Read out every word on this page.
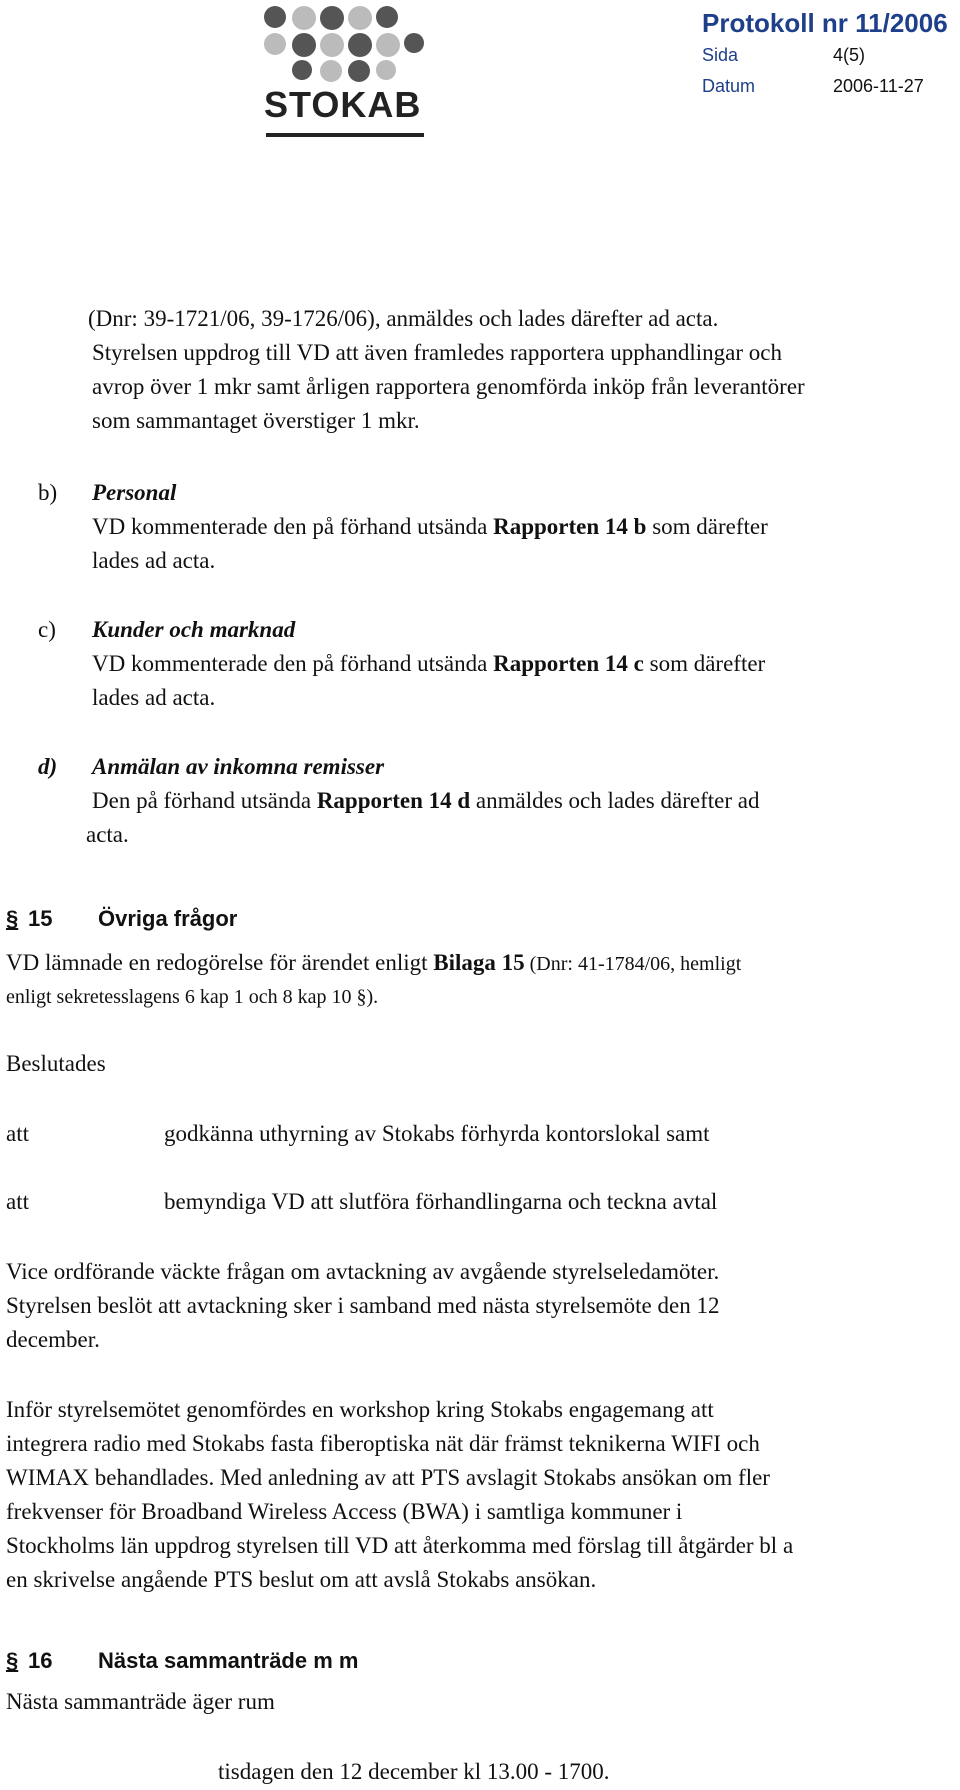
STOKAB
Protokoll nr 11/2006
Sida	4(5)
Datum	2006-11-27
(Dnr: 39-1721/06, 39-1726/06), anmäldes och lades därefter ad acta.
Styrelsen uppdrog till VD att även framledes rapportera upphandlingar och
avrop över 1 mkr samt årligen rapportera genomförda inköp från leverantörer
som sammantaget överstiger 1 mkr.
b) Personal
VD kommenterade den på förhand utsända Rapporten 14 b som därefter
lades ad acta.
c) Kunder och marknad
VD kommenterade den på förhand utsända Rapporten 14 c som därefter
lades ad acta.
d) Anmälan av inkomna remisser
Den på förhand utsända Rapporten 14 d anmäldes och lades därefter ad
acta.
§ 15 Övriga frågor
VD lämnade en redogörelse för ärendet enligt Bilaga 15 (Dnr: 41-1784/06, hemligt
enligt sekretesslagens 6 kap 1 och 8 kap 10 §).
Beslutades
att	godkänna uthyrning av Stokabs förhyrda kontorslokal samt
att	bemyndiga VD att slutföra förhandlingarna och teckna avtal
Vice ordförande väckte frågan om avtackning av avgående styrelseledamöter.
Styrelsen beslöt att avtackning sker i samband med nästa styrelsemöte den 12
december.
Inför styrelsemötet genomfördes en workshop kring Stokabs engagemang att
integrera radio med Stokabs fasta fiberoptiska nät där främst teknikerna WIFI och
WIMAX behandlades. Med anledning av att PTS avslagit Stokabs ansökan om fler
frekvenser för Broadband Wireless Access (BWA) i samtliga kommuner i
Stockholms län uppdrog styrelsen till VD att återkomma med förslag till åtgärder bl a
en skrivelse angående PTS beslut om att avslå Stokabs ansökan.
§ 16 Nästa sammanträde m m
Nästa sammanträde äger rum
tisdagen den 12 december kl 13.00 - 1700.
